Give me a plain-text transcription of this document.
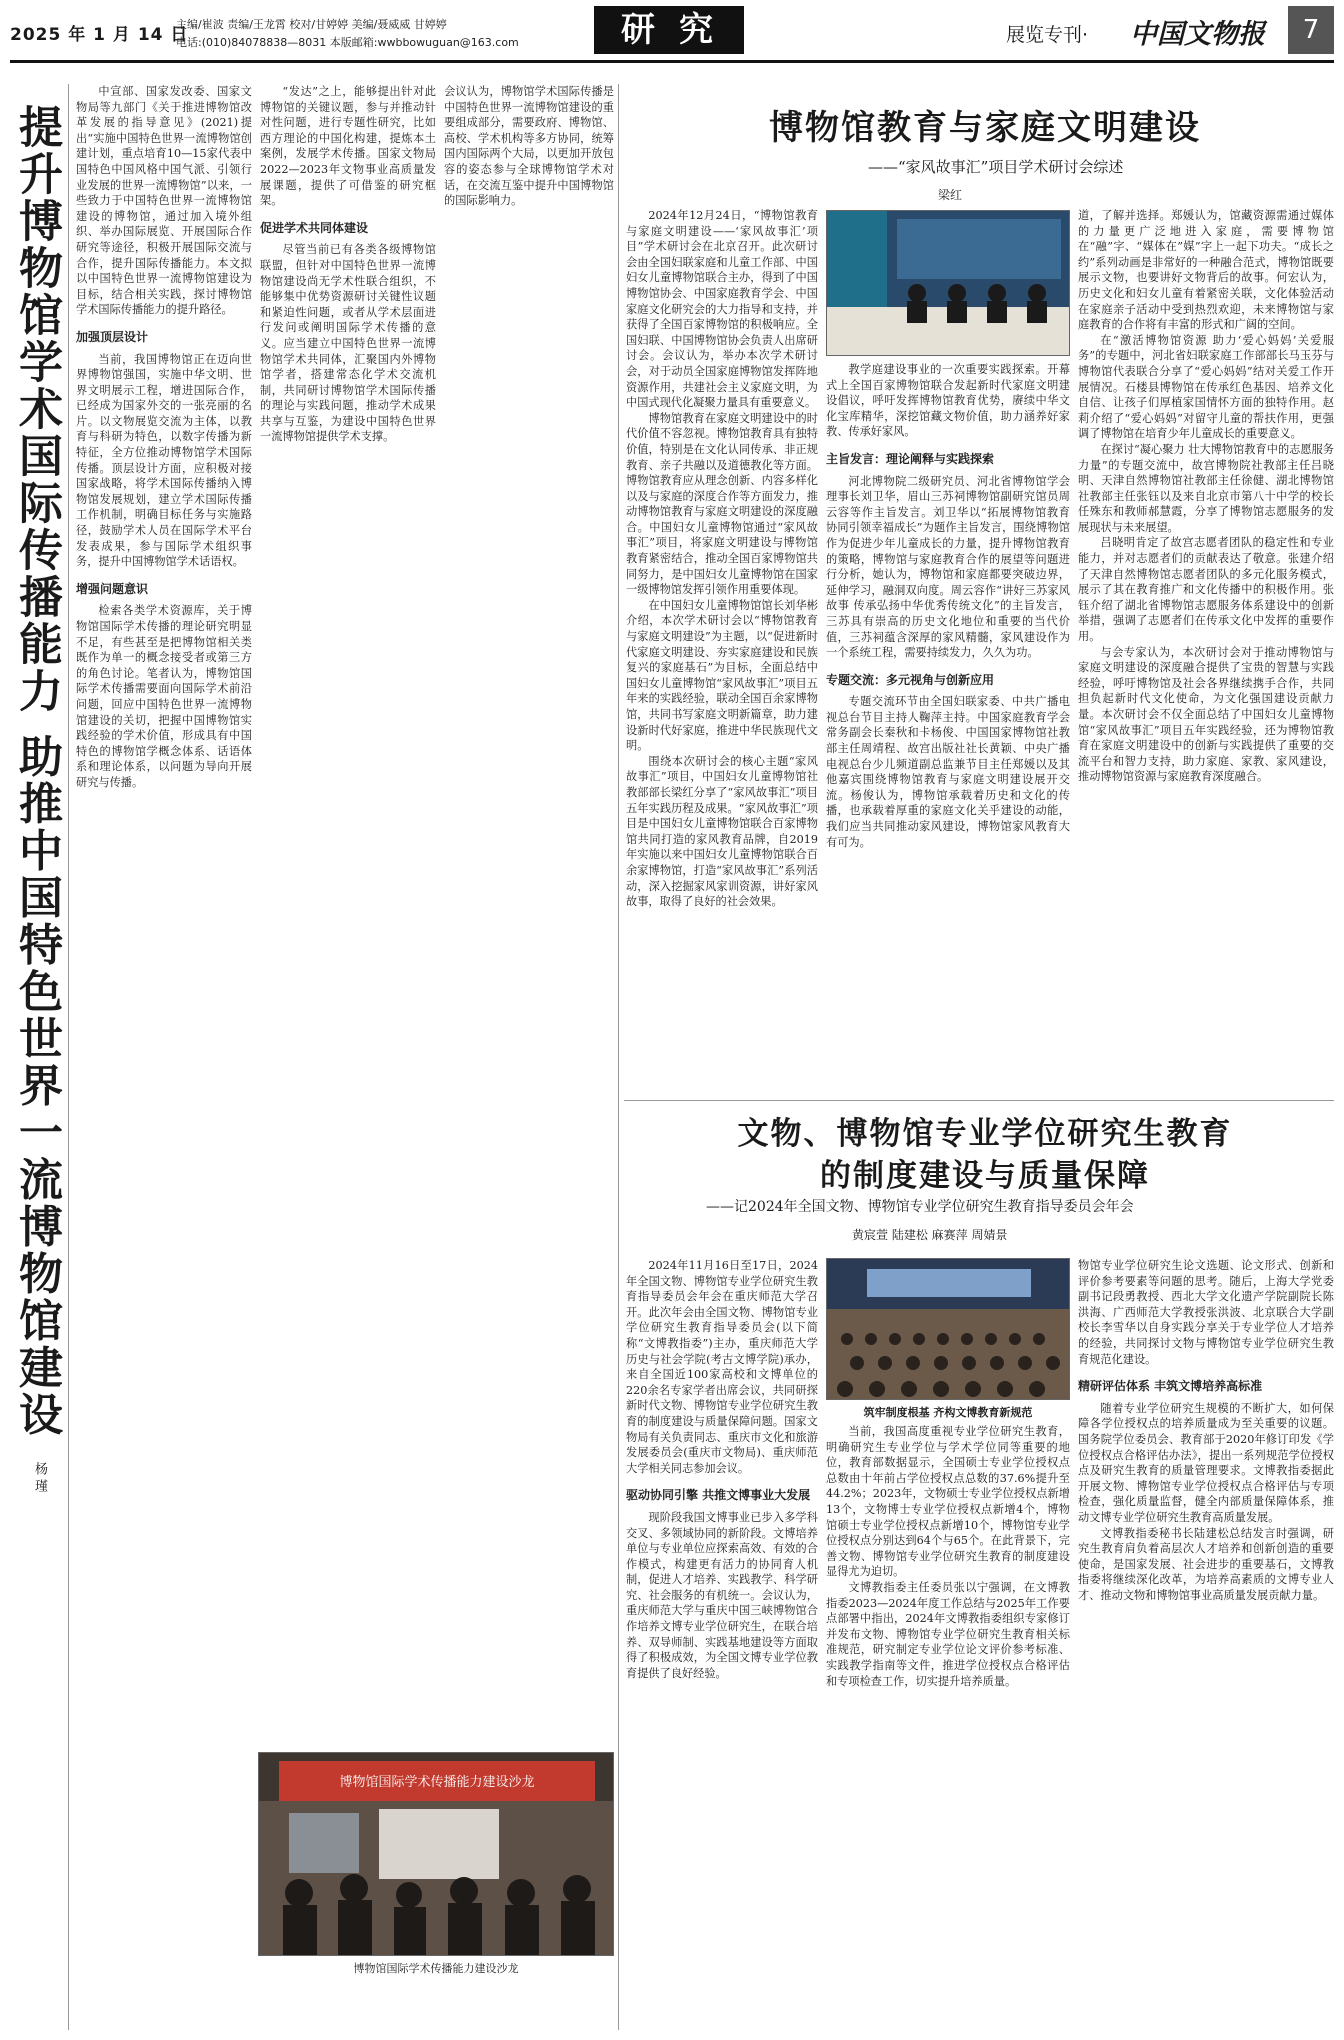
2025 年 1 月 14 日
主编/崔波 责编/王龙霄 校对/甘婷婷 美编/聂威威 甘婷婷
电话:(010)84078838—8031 本版邮箱:wwbbowuguan@163.com	研究	展览专刊· 中国文物报	7
提升博物馆学术国际传播能力 助推中国特色世界一流博物馆建设
杨瑾

中宣部、国家发改委、国家文物局等九部门《关于推进博物馆改革发展的指导意见》(2021)提出“实施中国特色世界一流博物馆创建计划，重点培育10—15家代表中国特色中国风格中国气派、引领行业发展的世界一流博物馆”以来，一些致力于中国特色世界一流博物馆建设的博物馆，通过加入境外组织、举办国际展览、开展国际合作研究等途径，积极开展国际交流与合作，提升国际传播能力。本文拟以中国特色世界一流博物馆建设为目标，结合相关实践，探讨博物馆学术国际传播能力的提升路径。

加强顶层设计

当前，我国博物馆正在迈向世界博物馆强国，实施中华文明、世界文明展示工程，增进国际合作，已经成为国家外交的一张亮丽的名片。以文物展览交流为主体，以教育与科研为特色，以数字传播为新特征，全方位推动博物馆学术国际传播。顶层设计方面，应积极对接国家战略，将学术国际传播纳入博物馆发展规划，建立学术国际传播工作机制，明确目标任务与实施路径，鼓励学术人员在国际学术平台发表成果，参与国际学术组织事务，提升中国博物馆学术话语权。

增强问题意识

检索各类学术资源库，关于博物馆国际学术传播的理论研究明显不足，有些甚至是把博物馆相关类既作为单一的概念接受者或第三方的角色讨论。笔者认为，博物馆国际学术传播需要面向国际学术前沿问题，回应中国特色世界一流博物馆建设的关切，把握中国博物馆实践经验的学术价值，形成具有中国特色的博物馆学概念体系、话语体系和理论体系，以问题为导向开展研究与传播。

“发达”之上，能够提出针对此博物馆的关键议题，参与并推动针对性问题，进行专题性研究，比如西方理论的中国化构建，提炼本土案例，发展学术传播。国家文物局2022—2023年文物事业高质量发展课题，提供了可借鉴的研究框架。

促进学术共同体建设

尽管当前已有各类各级博物馆联盟，但针对中国特色世界一流博物馆建设尚无学术性联合组织，不能够集中优势资源研讨关键性议题和紧迫性问题，或者从学术层面进行发问或阐明国际学术传播的意义。应当建立中国特色世界一流博物馆学术共同体，汇聚国内外博物馆学者，搭建常态化学术交流机制，共同研讨博物馆学术国际传播的理论与实践问题，推动学术成果共享与互鉴，为建设中国特色世界一流博物馆提供学术支撑。

会议认为，博物馆学术国际传播是中国特色世界一流博物馆建设的重要组成部分，需要政府、博物馆、高校、学术机构等多方协同，统筹国内国际两个大局，以更加开放包容的姿态参与全球博物馆学术对话，在交流互鉴中提升中国博物馆的国际影响力。

博物馆国际学术传播能力建设沙龙
博物馆国际学术传播能力建设沙龙
博物馆教育与家庭文明建设
——“家风故事汇”项目学术研讨会综述
梁红

2024年12月24日，“博物馆教育与家庭文明建设——‘家风故事汇’项目”学术研讨会在北京召开。此次研讨会由全国妇联家庭和儿童工作部、中国妇女儿童博物馆联合主办，得到了中国博物馆协会、中国家庭教育学会、中国家庭文化研究会的大力指导和支持，并获得了全国百家博物馆的积极响应。全国妇联、中国博物馆协会负责人出席研讨会。会议认为，举办本次学术研讨会，对于动员全国家庭博物馆发挥阵地资源作用，共建社会主义家庭文明，为中国式现代化凝聚力量具有重要意义。

博物馆教育在家庭文明建设中的时代价值不容忽视。博物馆教育具有独特价值，特别是在文化认同传承、非正规教育、亲子共融以及道德教化等方面。博物馆教育应从理念创新、内容多样化以及与家庭的深度合作等方面发力，推动博物馆教育与家庭文明建设的深度融合。中国妇女儿童博物馆通过“家风故事汇”项目，将家庭文明建设与博物馆教育紧密结合，推动全国百家博物馆共同努力，是中国妇女儿童博物馆在国家一级博物馆发挥引领作用重要体现。

在中国妇女儿童博物馆馆长刘华彬介绍，本次学术研讨会以“博物馆教育与家庭文明建设”为主题，以“促进新时代家庭文明建设、夯实家庭建设和民族复兴的家庭基石”为目标，全面总结中国妇女儿童博物馆“家风故事汇”项目五年来的实践经验，联动全国百余家博物馆，共同书写家庭文明新篇章，助力建设新时代好家庭，推进中华民族现代文明。

围绕本次研讨会的核心主题“家风故事汇”项目，中国妇女儿童博物馆社教部部长梁红分享了“家风故事汇”项目五年实践历程及成果。“家风故事汇”项目是中国妇女儿童博物馆联合百家博物馆共同打造的家风教育品牌，自2019年实施以来中国妇女儿童博物馆联合百余家博物馆，打造“家风故事汇”系列活动，深入挖掘家风家训资源，讲好家风故事，取得了良好的社会效果。

教学庭建设事业的一次重要实践探索。开幕式上全国百家博物馆联合发起新时代家庭文明建设倡议，呼吁发挥博物馆教育优势，赓续中华文化宝库精华，深挖馆藏文物价值，助力涵养好家教、传承好家风。

主旨发言：理论阐释与实践探索

河北博物院二级研究员、河北省博物馆学会理事长刘卫华，眉山三苏祠博物馆副研究馆员周云容等作主旨发言。刘卫华以“拓展博物馆教育 协同引领幸福成长”为题作主旨发言，围绕博物馆作为促进少年儿童成长的力量，提升博物馆教育的策略，博物馆与家庭教育合作的展望等问题进行分析，她认为，博物馆和家庭都要突破边界，延伸学习，融洞双向度。周云容作“讲好三苏家风故事 传承弘扬中华优秀传统文化”的主旨发言，三苏具有崇高的历史文化地位和重要的当代价值，三苏祠蕴含深厚的家风精髓，家风建设作为一个系统工程，需要持续发力，久久为功。

专题交流：多元视角与创新应用

专题交流环节由全国妇联家委、中共广播电视总台节目主持人鞠萍主持。中国家庭教育学会常务副会长秦秋和卡杨俊、中国国家博物馆社教部主任周靖程、故宫出版社社长黄颖、中央广播电视总台少儿频道副总监兼节目主任郑媛以及其他嘉宾围绕博物馆教育与家庭文明建设展开交流。杨俊认为，博物馆承载着历史和文化的传播，也承载着厚重的家庭文化关乎建设的动能，我们应当共同推动家风建设，博物馆家风教育大有可为。

道，了解并选择。郑媛认为，馆藏资源需通过媒体的力量更广泛地进入家庭，需要博物馆在“融”字、“媒体在”媒”字上一起下功夫。“成长之约”系列动画是非常好的一种融合范式，博物馆既要展示文物，也要讲好文物背后的故事。何宏认为，历史文化和妇女儿童有着紧密关联，文化体验活动在家庭亲子活动中受到热烈欢迎，未来博物馆与家庭教育的合作将有丰富的形式和广阔的空间。

在“激活博物馆资源 助力‘爱心妈妈’关爱服务”的专题中，河北省妇联家庭工作部部长马玉芬与博物馆代表联合分享了“爱心妈妈”结对关爱工作开展情况。石楼县博物馆在传承红色基因、培养文化自信、让孩子们厚植家国情怀方面的独特作用。赵莉介绍了“爱心妈妈”对留守儿童的帮扶作用，更强调了博物馆在培育少年儿童成长的重要意义。

在探讨“凝心聚力 壮大博物馆教育中的志愿服务力量”的专题交流中，故宫博物院社教部主任吕晓明、天津自然博物馆社教部主任徐健、湖北博物馆社教部主任张钰以及来自北京市第八十中学的校长任殊东和教师郝慧霞，分享了博物馆志愿服务的发展现状与未来展望。

吕晓明肯定了故宫志愿者团队的稳定性和专业能力，并对志愿者们的贡献表达了敬意。张建介绍了天津自然博物馆志愿者团队的多元化服务模式，展示了其在教育推广和文化传播中的积极作用。张钰介绍了湖北省博物馆志愿服务体系建设中的创新举措，强调了志愿者们在传承文化中发挥的重要作用。

与会专家认为，本次研讨会对于推动博物馆与家庭文明建设的深度融合提供了宝贵的智慧与实践经验，呼吁博物馆及社会各界继续携手合作，共同担负起新时代文化使命，为文化强国建设贡献力量。本次研讨会不仅全面总结了中国妇女儿童博物馆“家风故事汇”项目五年实践经验，还为博物馆教育在家庭文明建设中的创新与实践提供了重要的交流平台和智力支持，助力家庭、家教、家风建设，推动博物馆资源与家庭教育深度融合。

文物、博物馆专业学位研究生教育
的制度建设与质量保障
——记2024年全国文物、博物馆专业学位研究生教育指导委员会年会
黄宸萱 陆建松 麻赛萍 周婧景

2024年11月16日至17日，2024年全国文物、博物馆专业学位研究生教育指导委员会年会在重庆师范大学召开。此次年会由全国文物、博物馆专业学位研究生教育指导委员会(以下简称“文博教指委”)主办，重庆师范大学历史与社会学院(考古文博学院)承办，来自全国近100家高校和文博单位的220余名专家学者出席会议，共同研探新时代文物、博物馆专业学位研究生教育的制度建设与质量保障问题。国家文物局有关负责同志、重庆市文化和旅游发展委员会(重庆市文物局)、重庆师范大学相关同志参加会议。

驱动协同引擎 共推文博事业大发展

现阶段我国文博事业已步入多学科交叉、多领域协同的新阶段。文博培养单位与专业单位应探索高效、有效的合作模式，构建更有活力的协同育人机制，促进人才培养、实践教学、科学研究、社会服务的有机统一。会议认为，重庆师范大学与重庆中国三峡博物馆合作培养文博专业学位研究生，在联合培养、双导师制、实践基地建设等方面取得了积极成效，为全国文博专业学位教育提供了良好经验。

筑牢制度根基 齐构文博教育新规范

当前，我国高度重视专业学位研究生教育，明确研究生专业学位与学术学位同等重要的地位，教育部数据显示，全国硕士专业学位授权点总数由十年前占学位授权点总数的37.6%提升至44.2%；2023年，文物硕士专业学位授权点新增13个，文物博士专业学位授权点新增4个，博物馆硕士专业学位授权点新增10个，博物馆专业学位授权点分别达到64个与65个。在此背景下，完善文物、博物馆专业学位研究生教育的制度建设显得尤为迫切。

文博教指委主任委员张以宁强调，在文博教指委2023—2024年度工作总结与2025年工作要点部署中指出，2024年文博教指委组织专家修订并发布文物、博物馆专业学位研究生教育相关标准规范，研究制定专业学位论文评价参考标准、实践教学指南等文件，推进学位授权点合格评估和专项检查工作，切实提升培养质量。

物馆专业学位研究生论文选题、论文形式、创新和评价参考要素等问题的思考。随后，上海大学党委副书记段勇教授、西北大学文化遗产学院副院长陈洪海、广西师范大学教授张洪波、北京联合大学副校长李雪华以自身实践分享关于专业学位人才培养的经验，共同探讨文物与博物馆专业学位研究生教育规范化建设。

精研评估体系 丰筑文博培养高标准

随着专业学位研究生规模的不断扩大，如何保障各学位授权点的培养质量成为至关重要的议题。国务院学位委员会、教育部于2020年修订印发《学位授权点合格评估办法》，提出一系列规范学位授权点及研究生教育的质量管理要求。文博教指委据此开展文物、博物馆专业学位授权点合格评估与专项检查，强化质量监督，健全内部质量保障体系，推动文博专业学位研究生教育高质量发展。

文博教指委秘书长陆建松总结发言时强调，研究生教育肩负着高层次人才培养和创新创造的重要使命，是国家发展、社会进步的重要基石，文博教指委将继续深化改革，为培养高素质的文博专业人才、推动文物和博物馆事业高质量发展贡献力量。
